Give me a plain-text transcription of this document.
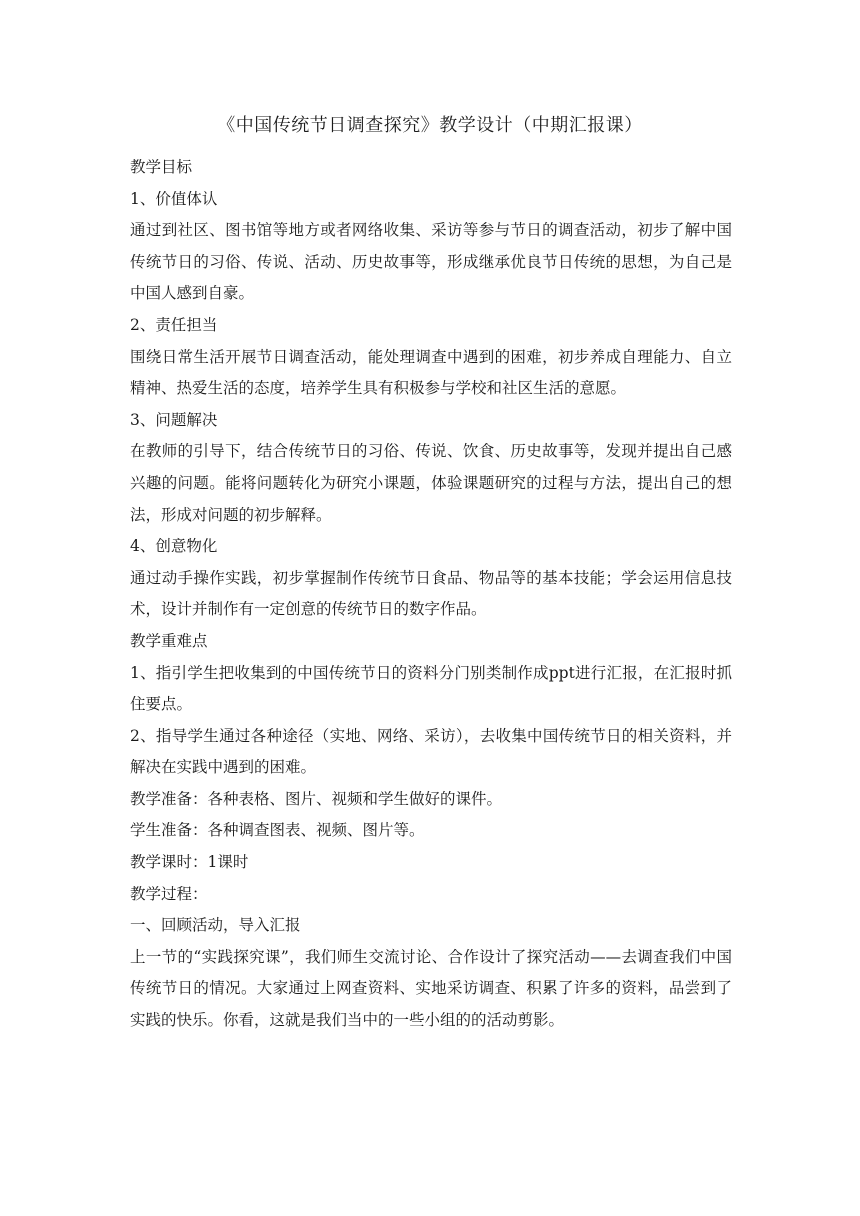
《中国传统节日调查探究》教学设计（中期汇报课）

教学目标

1、价值体认

通过到社区、图书馆等地方或者网络收集、采访等参与节日的调查活动，初步了解中国传统节日的习俗、传说、活动、历史故事等，形成继承优良节日传统的思想，为自己是中国人感到自豪。

2、责任担当

围绕日常生活开展节日调查活动，能处理调查中遇到的困难，初步养成自理能力、自立精神、热爱生活的态度，培养学生具有积极参与学校和社区生活的意愿。

3、问题解决

在教师的引导下，结合传统节日的习俗、传说、饮食、历史故事等，发现并提出自己感兴趣的问题。能将问题转化为研究小课题，体验课题研究的过程与方法，提出自己的想法，形成对问题的初步解释。

4、创意物化

通过动手操作实践，初步掌握制作传统节日食品、物品等的基本技能；学会运用信息技术，设计并制作有一定创意的传统节日的数字作品。

教学重难点

1、指引学生把收集到的中国传统节日的资料分门别类制作成ppt进行汇报，在汇报时抓住要点。

2、指导学生通过各种途径（实地、网络、采访），去收集中国传统节日的相关资料，并解决在实践中遇到的困难。

教学准备：各种表格、图片、视频和学生做好的课件。

学生准备：各种调查图表、视频、图片等。

教学课时：1课时

教学过程：

一、回顾活动，导入汇报

上一节的“实践探究课”，我们师生交流讨论、合作设计了探究活动——去调查我们中国传统节日的情况。大家通过上网查资料、实地采访调查、积累了许多的资料，品尝到了实践的快乐。你看，这就是我们当中的一些小组的的活动剪影。
